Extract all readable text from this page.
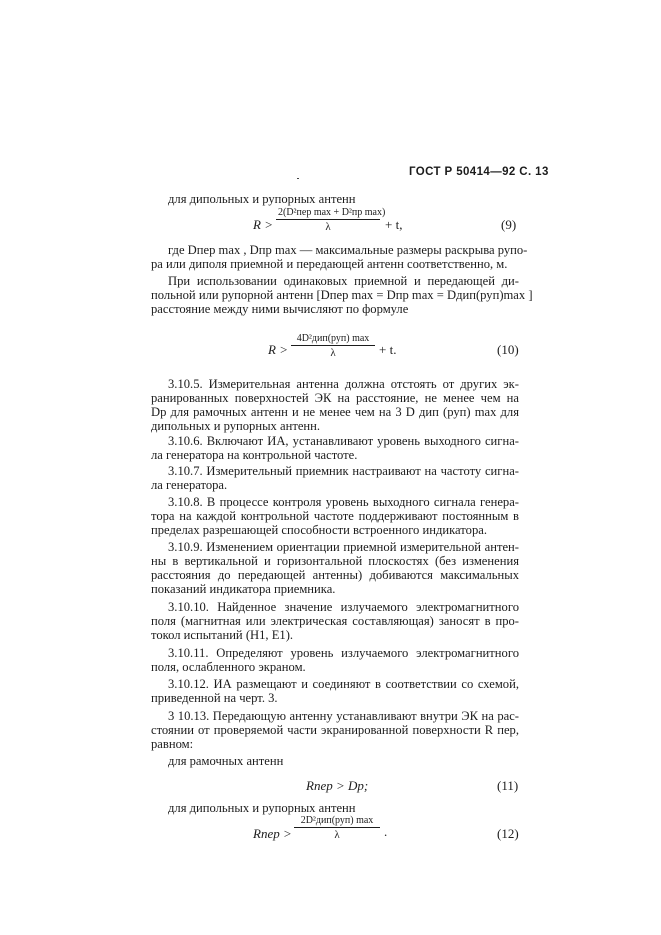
ГОСТ Р 50414—92 С. 13
для дипольных и рупорных антенн
R >
2(D²пер max + D²пр max)
λ	+ t,	(9)
где Dпер max , Dпр max — максимальные размеры раскрыва рупо-
ра или диполя приемной и передающей антенн соответственно, м.
При использовании одинаковых приемной и передающей ди-
польной или рупорной антенн [Dпер max = Dпр max = Dдип(руп)max ]
расстояние между ними вычисляют по формуле
R >
4D²дип(руп) max
λ	+ t.	(10)
3.10.5. Измерительная антенна должна отстоять от других эк-
ранированных поверхностей ЭК на расстояние, не менее чем на
Dр для рамочных антенн и не менее чем на 3 D дип (руп) max для
дипольных и рупорных антенн.
3.10.6. Включают ИА, устанавливают уровень выходного сигна-
ла генератора на контрольной частоте.
3.10.7. Измерительный приемник настраивают на частоту сигна-
ла генератора.
3.10.8. В процессе контроля уровень выходного сигнала генера-
тора на каждой контрольной частоте поддерживают постоянным в
пределах разрешающей способности встроенного индикатора.
3.10.9. Изменением ориентации приемной измерительной антен-
ны в вертикальной и горизонтальной плоскостях (без изменения
расстояния до передающей антенны) добиваются максимальных
показаний индикатора приемника.
3.10.10. Найденное значение излучаемого электромагнитного
поля (магнитная или электрическая составляющая) заносят в про-
токол испытаний (H1, E1).
3.10.11. Определяют уровень излучаемого электромагнитного
поля, ослабленного экраном.
3.10.12. ИА размещают и соединяют в соответствии со схемой,
приведенной на черт. 3.
3 10.13. Передающую антенну устанавливают внутри ЭК на рас-
стоянии от проверяемой части экранированной поверхности R пер,
равном:
для рамочных антенн
Rпер > Dр;	(11)
для дипольных и рупорных антенн
Rпер >
2D²дип(руп) max
λ	.	(12)
